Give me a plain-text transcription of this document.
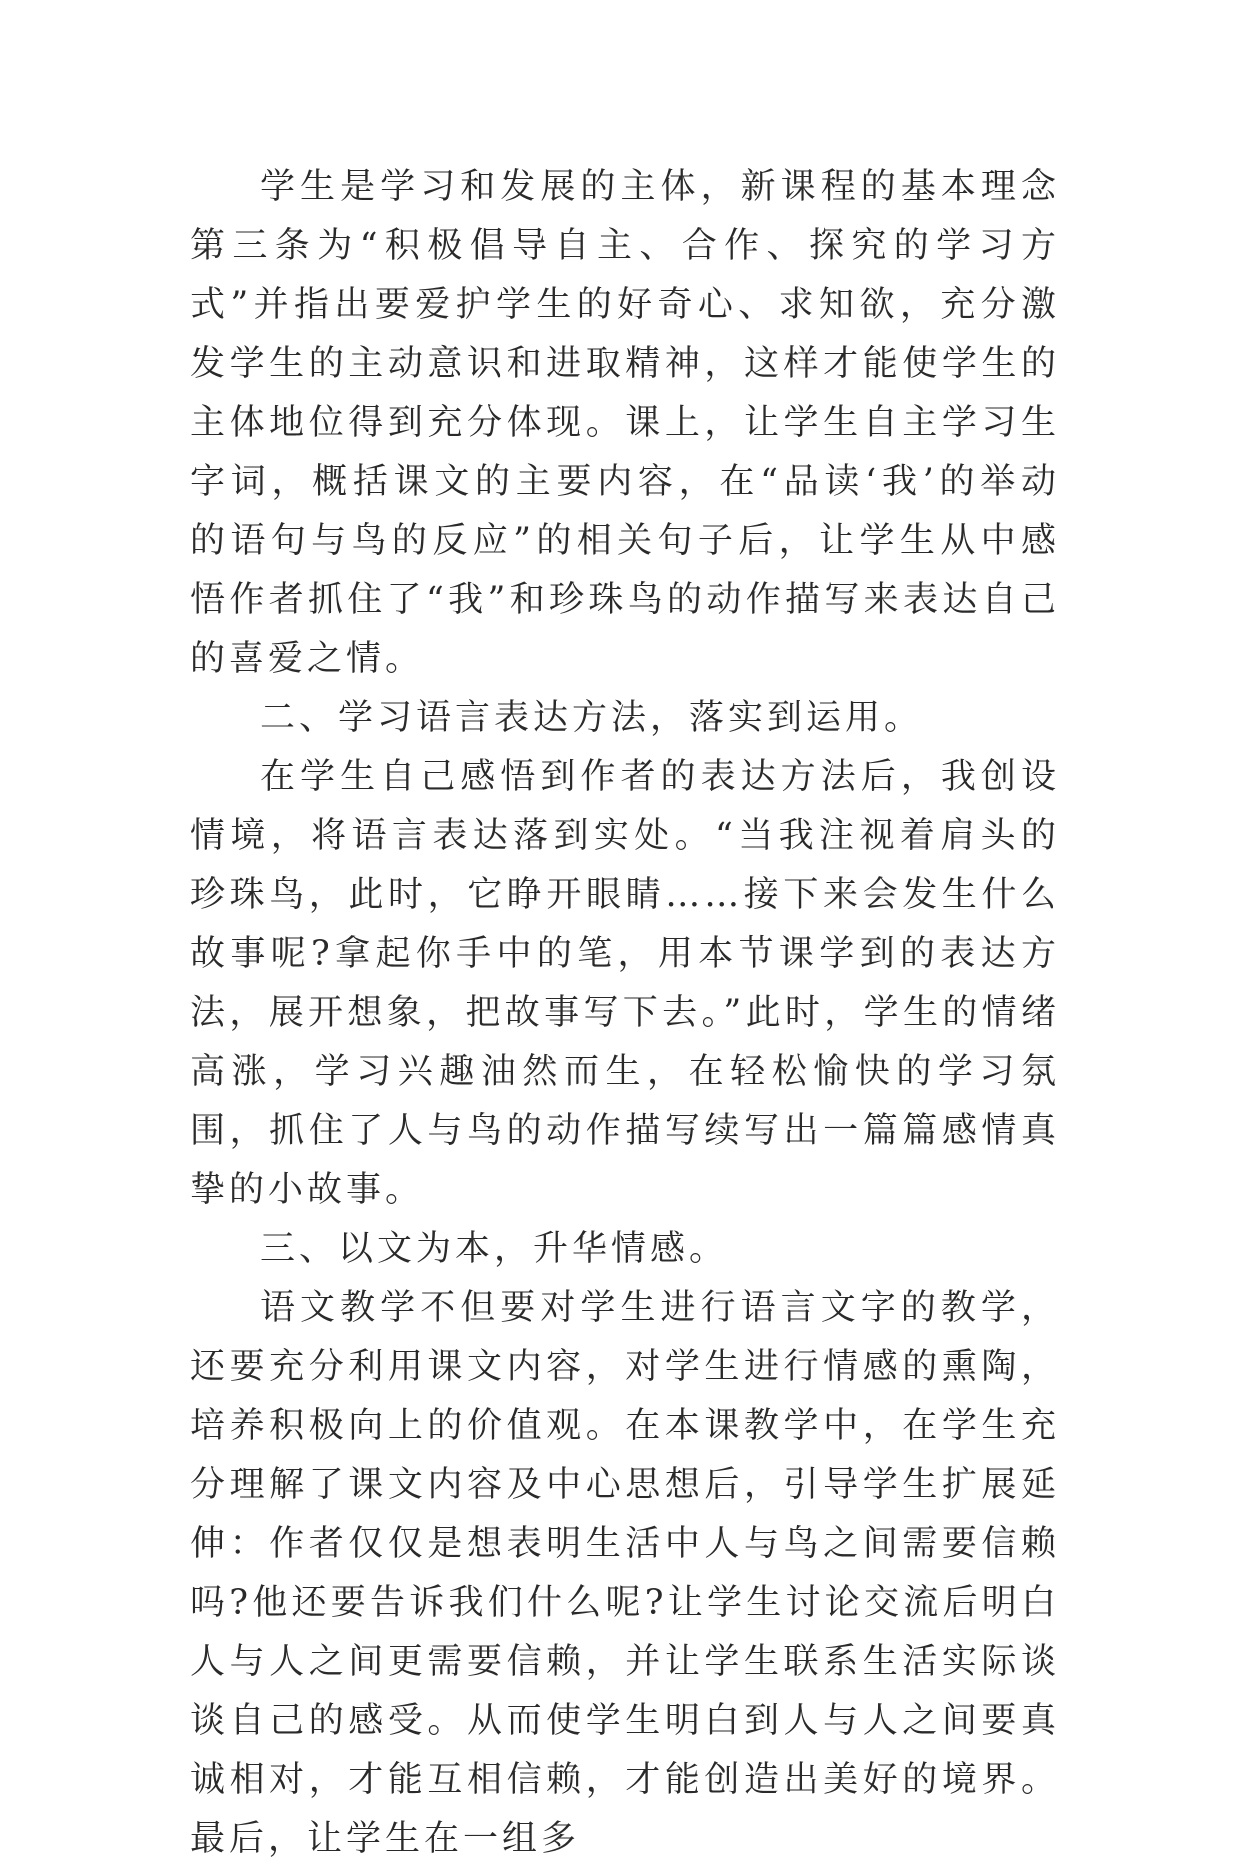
学生是学习和发展的主体，新课程的基本理念第三条为“积极倡导自主、合作、探究的学习方式”并指出要爱护学生的好奇心、求知欲，充分激发学生的主动意识和进取精神，这样才能使学生的主体地位得到充分体现。课上，让学生自主学习生字词，概括课文的主要内容，在“品读‘我’的举动的语句与鸟的反应”的相关句子后，让学生从中感悟作者抓住了“我”和珍珠鸟的动作描写来表达自己的喜爱之情。

二、学习语言表达方法，落实到运用。

在学生自己感悟到作者的表达方法后，我创设情境，将语言表达落到实处。“当我注视着肩头的珍珠鸟，此时，它睁开眼睛……接下来会发生什么故事呢?拿起你手中的笔，用本节课学到的表达方法，展开想象，把故事写下去。”此时，学生的情绪高涨，学习兴趣油然而生，在轻松愉快的学习氛围，抓住了人与鸟的动作描写续写出一篇篇感情真挚的小故事。

三、以文为本，升华情感。

语文教学不但要对学生进行语言文字的教学，还要充分利用课文内容，对学生进行情感的熏陶，培养积极向上的价值观。在本课教学中，在学生充分理解了课文内容及中心思想后，引导学生扩展延伸：作者仅仅是想表明生活中人与鸟之间需要信赖吗?他还要告诉我们什么呢?让学生讨论交流后明白人与人之间更需要信赖，并让学生联系生活实际谈谈自己的感受。从而使学生明白到人与人之间要真诚相对，才能互相信赖，才能创造出美好的境界。最后，让学生在一组多
